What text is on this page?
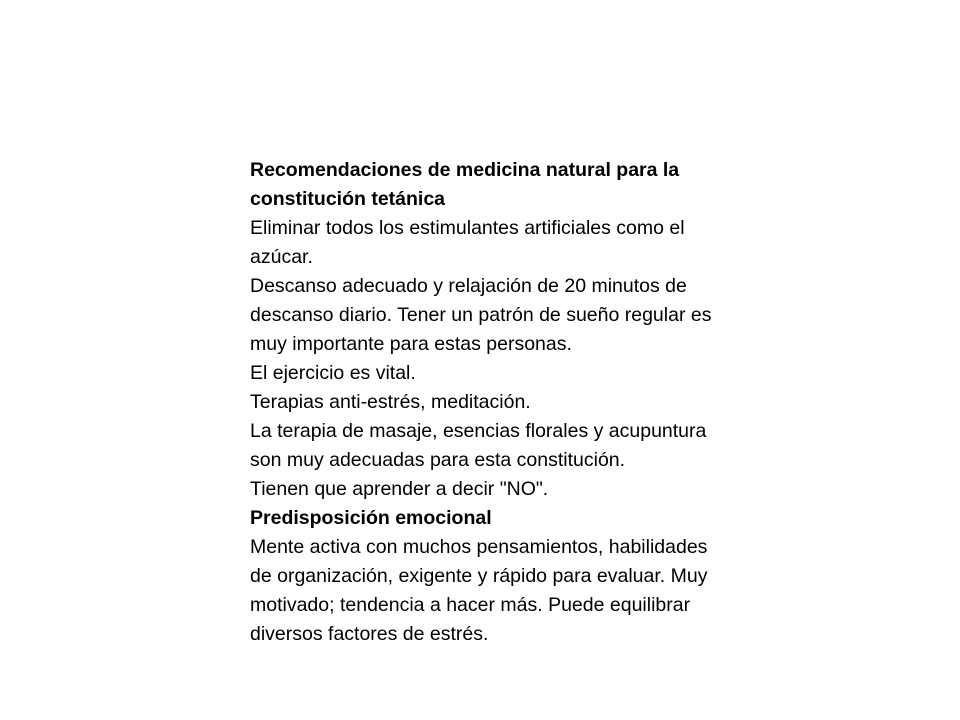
Recomendaciones de medicina natural para la constitución tetánica

Eliminar todos los estimulantes artificiales como el azúcar.

Descanso adecuado y relajación de 20 minutos de descanso diario. Tener un patrón de sueño regular es muy importante para estas personas.

El ejercicio es vital.

Terapias anti-estrés, meditación.

La terapia de masaje, esencias florales y acupuntura son muy adecuadas para esta constitución.

Tienen que aprender a decir "NO".

Predisposición emocional

Mente activa con muchos pensamientos, habilidades de organización, exigente y rápido para evaluar. Muy motivado; tendencia a hacer más. Puede equilibrar diversos factores de estrés.
